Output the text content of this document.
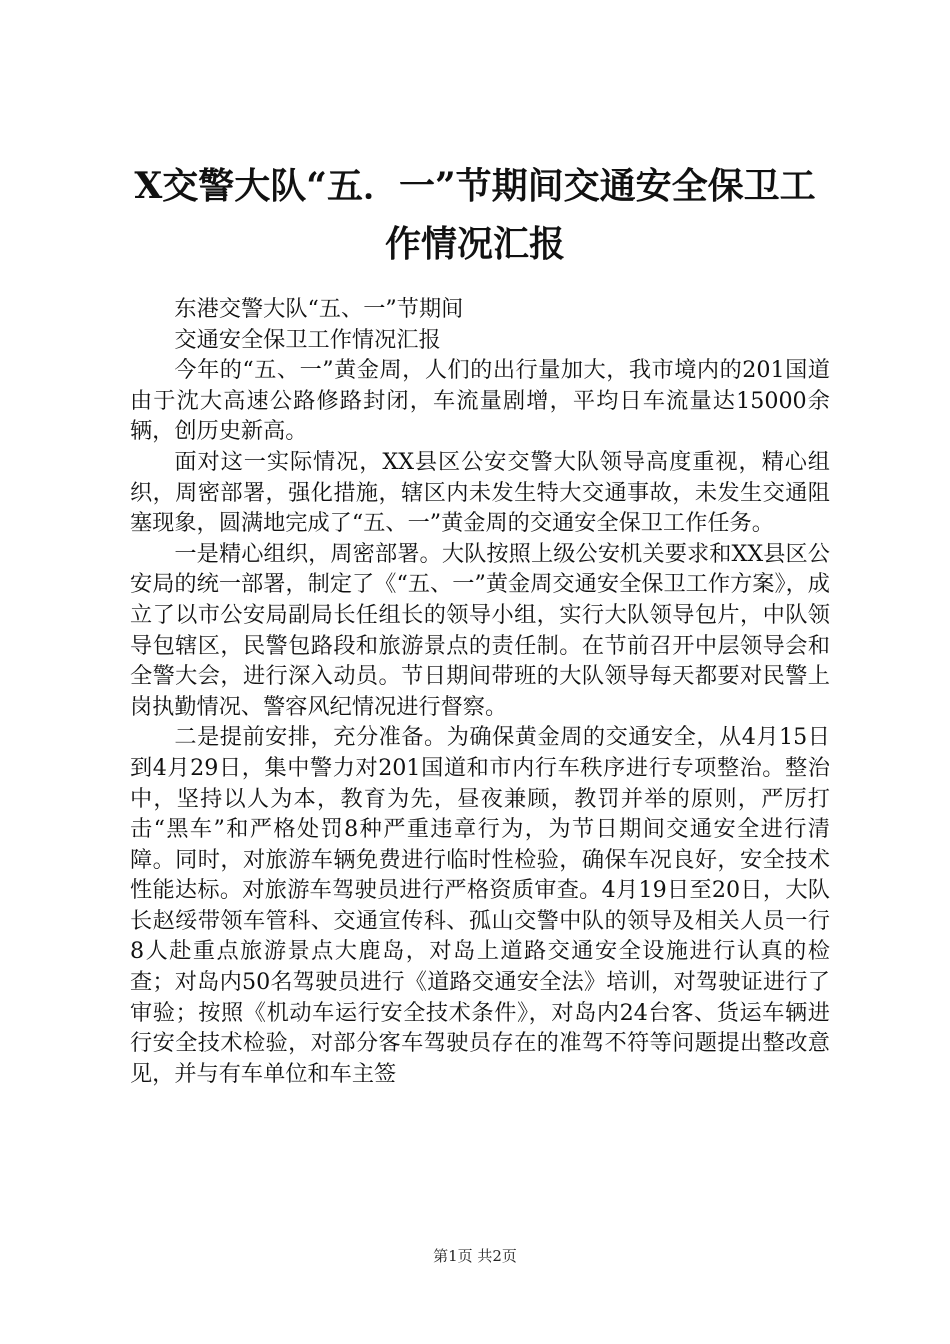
X交警大队“五．一”节期间交通安全保卫工
作情况汇报

东港交警大队“五、一”节期间

交通安全保卫工作情况汇报

今年的“五、一”黄金周，人们的出行量加大，我市境内的201国道由于沈大高速公路修路封闭，车流量剧增，平均日车流量达15000余辆，创历史新高。

面对这一实际情况，XX县区公安交警大队领导高度重视，精心组织，周密部署，强化措施，辖区内未发生特大交通事故，未发生交通阻塞现象，圆满地完成了“五、一”黄金周的交通安全保卫工作任务。

一是精心组织，周密部署。大队按照上级公安机关要求和XX县区公安局的统一部署，制定了《“五、一”黄金周交通安全保卫工作方案》，成立了以市公安局副局长任组长的领导小组，实行大队领导包片，中队领导包辖区，民警包路段和旅游景点的责任制。在节前召开中层领导会和全警大会，进行深入动员。节日期间带班的大队领导每天都要对民警上岗执勤情况、警容风纪情况进行督察。

二是提前安排，充分准备。为确保黄金周的交通安全，从4月15日到4月29日，集中警力对201国道和市内行车秩序进行专项整治。整治中，坚持以人为本，教育为先，昼夜兼顾，教罚并举的原则，严厉打击“黑车”和严格处罚8种严重违章行为，为节日期间交通安全进行清障。同时，对旅游车辆免费进行临时性检验，确保车况良好，安全技术性能达标。对旅游车驾驶员进行严格资质审查。4月19日至20日，大队长赵绥带领车管科、交通宣传科、孤山交警中队的领导及相关人员一行8人赴重点旅游景点大鹿岛，对岛上道路交通安全设施进行认真的检查；对岛内50名驾驶员进行《道路交通安全法》培训，对驾驶证进行了审验；按照《机动车运行安全技术条件》，对岛内24台客、货运车辆进行安全技术检验，对部分客车驾驶员存在的准驾不符等问题提出整改意见，并与有车单位和车主签

第1页 共2页
